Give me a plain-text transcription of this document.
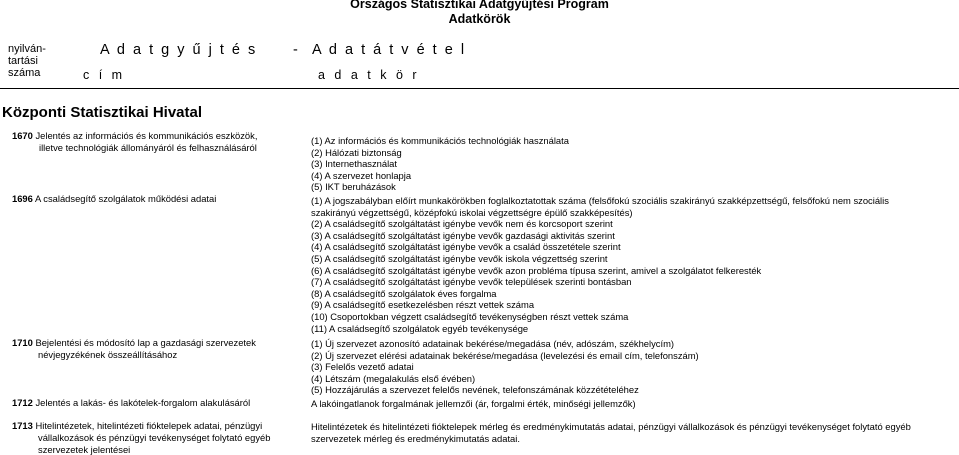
Országos Statisztikai Adatgyűjtési Program
Adatkörök
nyilván-
tartási
száma
A d a t g y ű j t é s
c í m
- A d a t á t v é t e l
a d a t k ö r
Központi Statisztikai Hivatal
1670 Jelentés az információs és kommunikációs eszközök,
illetve technológiák állományáról és felhasználásáról
(1) Az információs és kommunikációs technológiák használata
(2) Hálózati biztonság
(3) Internethasználat
(4) A szervezet honlapja
(5) IKT beruházások
1696 A családsegítő szolgálatok működési adatai	(1) A jogszabályban előírt munkakörökben foglalkoztatottak száma (felsőfokú szociális szakirányú szakképzettségű, felsőfokú nem szociális
szakirányú végzettségű, középfokú iskolai végzettségre épülő szakképesítés)
(2) A családsegítő szolgáltatást igénybe vevők nem és korcsoport szerint
(3) A családsegítő szolgáltatást igénybe vevők gazdasági aktivitás szerint
(4) A családsegítő szolgáltatást igénybe vevők a család összetétele szerint
(5) A családsegítő szolgáltatást igénybe vevők iskola végzettség szerint
(6) A családsegítő szolgáltatást igénybe vevők azon probléma típusa szerint, amivel a szolgálatot felkeresték
(7) A családsegítő szolgáltatást igénybe vevők települések szerinti bontásban
(8) A családsegítő szolgálatok éves forgalma
(9) A családsegítő esetkezelésben részt vettek száma
(10) Csoportokban végzett családsegítő tevékenységben részt vettek száma
(11) A családsegítő szolgálatok egyéb tevékenysége
1710 Bejelentési és módosító lap a gazdasági szervezetek
névjegyzékének összeállításához
(1) Új szervezet azonosító adatainak bekérése/megadása (név, adószám, székhelycím)
(2) Új szervezet elérési adatainak bekérése/megadása (levelezési és email cím, telefonszám)
(3) Felelős vezető adatai
(4) Létszám (megalakulás első évében)
(5) Hozzájárulás a szervezet felelős nevének, telefonszámának közzétételéhez
1712 Jelentés a lakás- és lakótelek-forgalom alakulásáról	A lakóingatlanok forgalmának jellemzői (ár, forgalmi érték, minőségi jellemzők)
1713 Hitelintézetek, hitelintézeti fióktelepek adatai, pénzügyi
vállalkozások és pénzügyi tevékenységet folytató egyéb
szervezetek jelentései
Hitelintézetek és hitelintézeti fióktelepek mérleg és eredménykimutatás adatai, pénzügyi vállalkozások és pénzügyi tevékenységet folytató egyéb
szervezetek mérleg és eredménykimutatás adatai.
